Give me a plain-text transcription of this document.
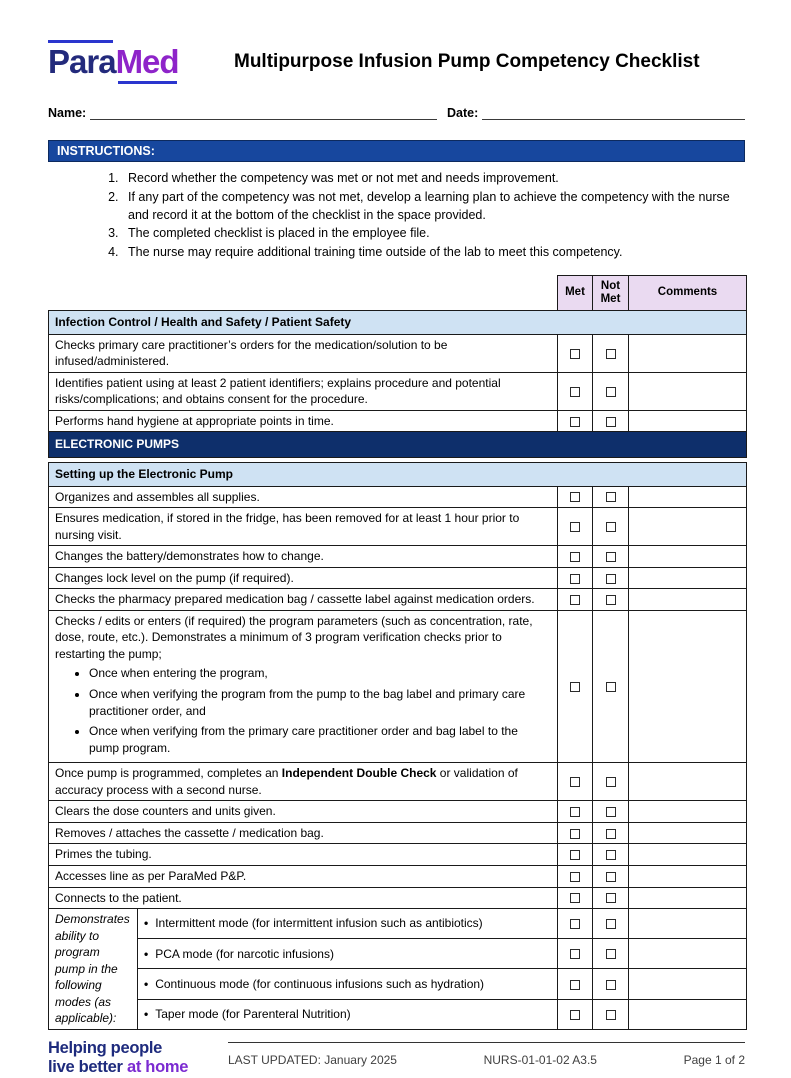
ParaMed	Multipurpose Infusion Pump Competency Checklist
Name:	Date:
INSTRUCTIONS:
1. Record whether the competency was met or not met and needs improvement.
2. If any part of the competency was not met, develop a learning plan to achieve the competency with the nurse and record it at the bottom of the checklist in the space provided.
3. The completed checklist is placed in the employee file.
4. The nurse may require additional training time outside of the lab to meet this competency.
		Met	Not Met	Comments
Infection Control / Health and Safety / Patient Safety				
Checks primary care practitioner’s orders for the medication/solution to be infused/administered.				
Identifies patient using at least 2 patient identifiers; explains procedure and potential risks/complications; and obtains consent for the procedure.				
Performs hand hygiene at appropriate points in time.				
ELECTRONIC PUMPS				

Setting up the Electronic Pump				
Organizes and assembles all supplies.				
Ensures medication, if stored in the fridge, has been removed for at least 1 hour prior to nursing visit.				
Changes the battery/demonstrates how to change.				
Changes lock level on the pump (if required).				
Checks the pharmacy prepared medication bag / cassette label against medication orders.				

Checks / edits or enters (if required) the program parameters (such as concentration, rate, dose, route, etc.). Demonstrates a minimum of 3 program verification checks prior to restarting the pump;
• Once when entering the program,
• Once when verifying the program from the pump to the bag label and primary care practitioner order, and
• Once when verifying from the primary care practitioner order and bag label to the pump program.

Once pump is programmed, completes an Independent Double Check or validation of accuracy process with a second nurse.				
Clears the dose counters and units given.				
Removes / attaches the cassette / medication bag.				
Primes the tubing.				
Accesses line as per ParaMed P&P.				
Connects to the patient.				
Demonstrates ability to program pump in the following modes (as applicable):	• Intermittent mode (for intermittent infusion such as antibiotics)			
• PCA mode (for narcotic infusions)			
• Continuous mode (for continuous infusions such as hydration)			
• Taper mode (for Parenteral Nutrition)			
Helping people
live better at home	LAST UPDATED: January 2025	NURS-01-01-02 A3.5	Page 1 of 2
